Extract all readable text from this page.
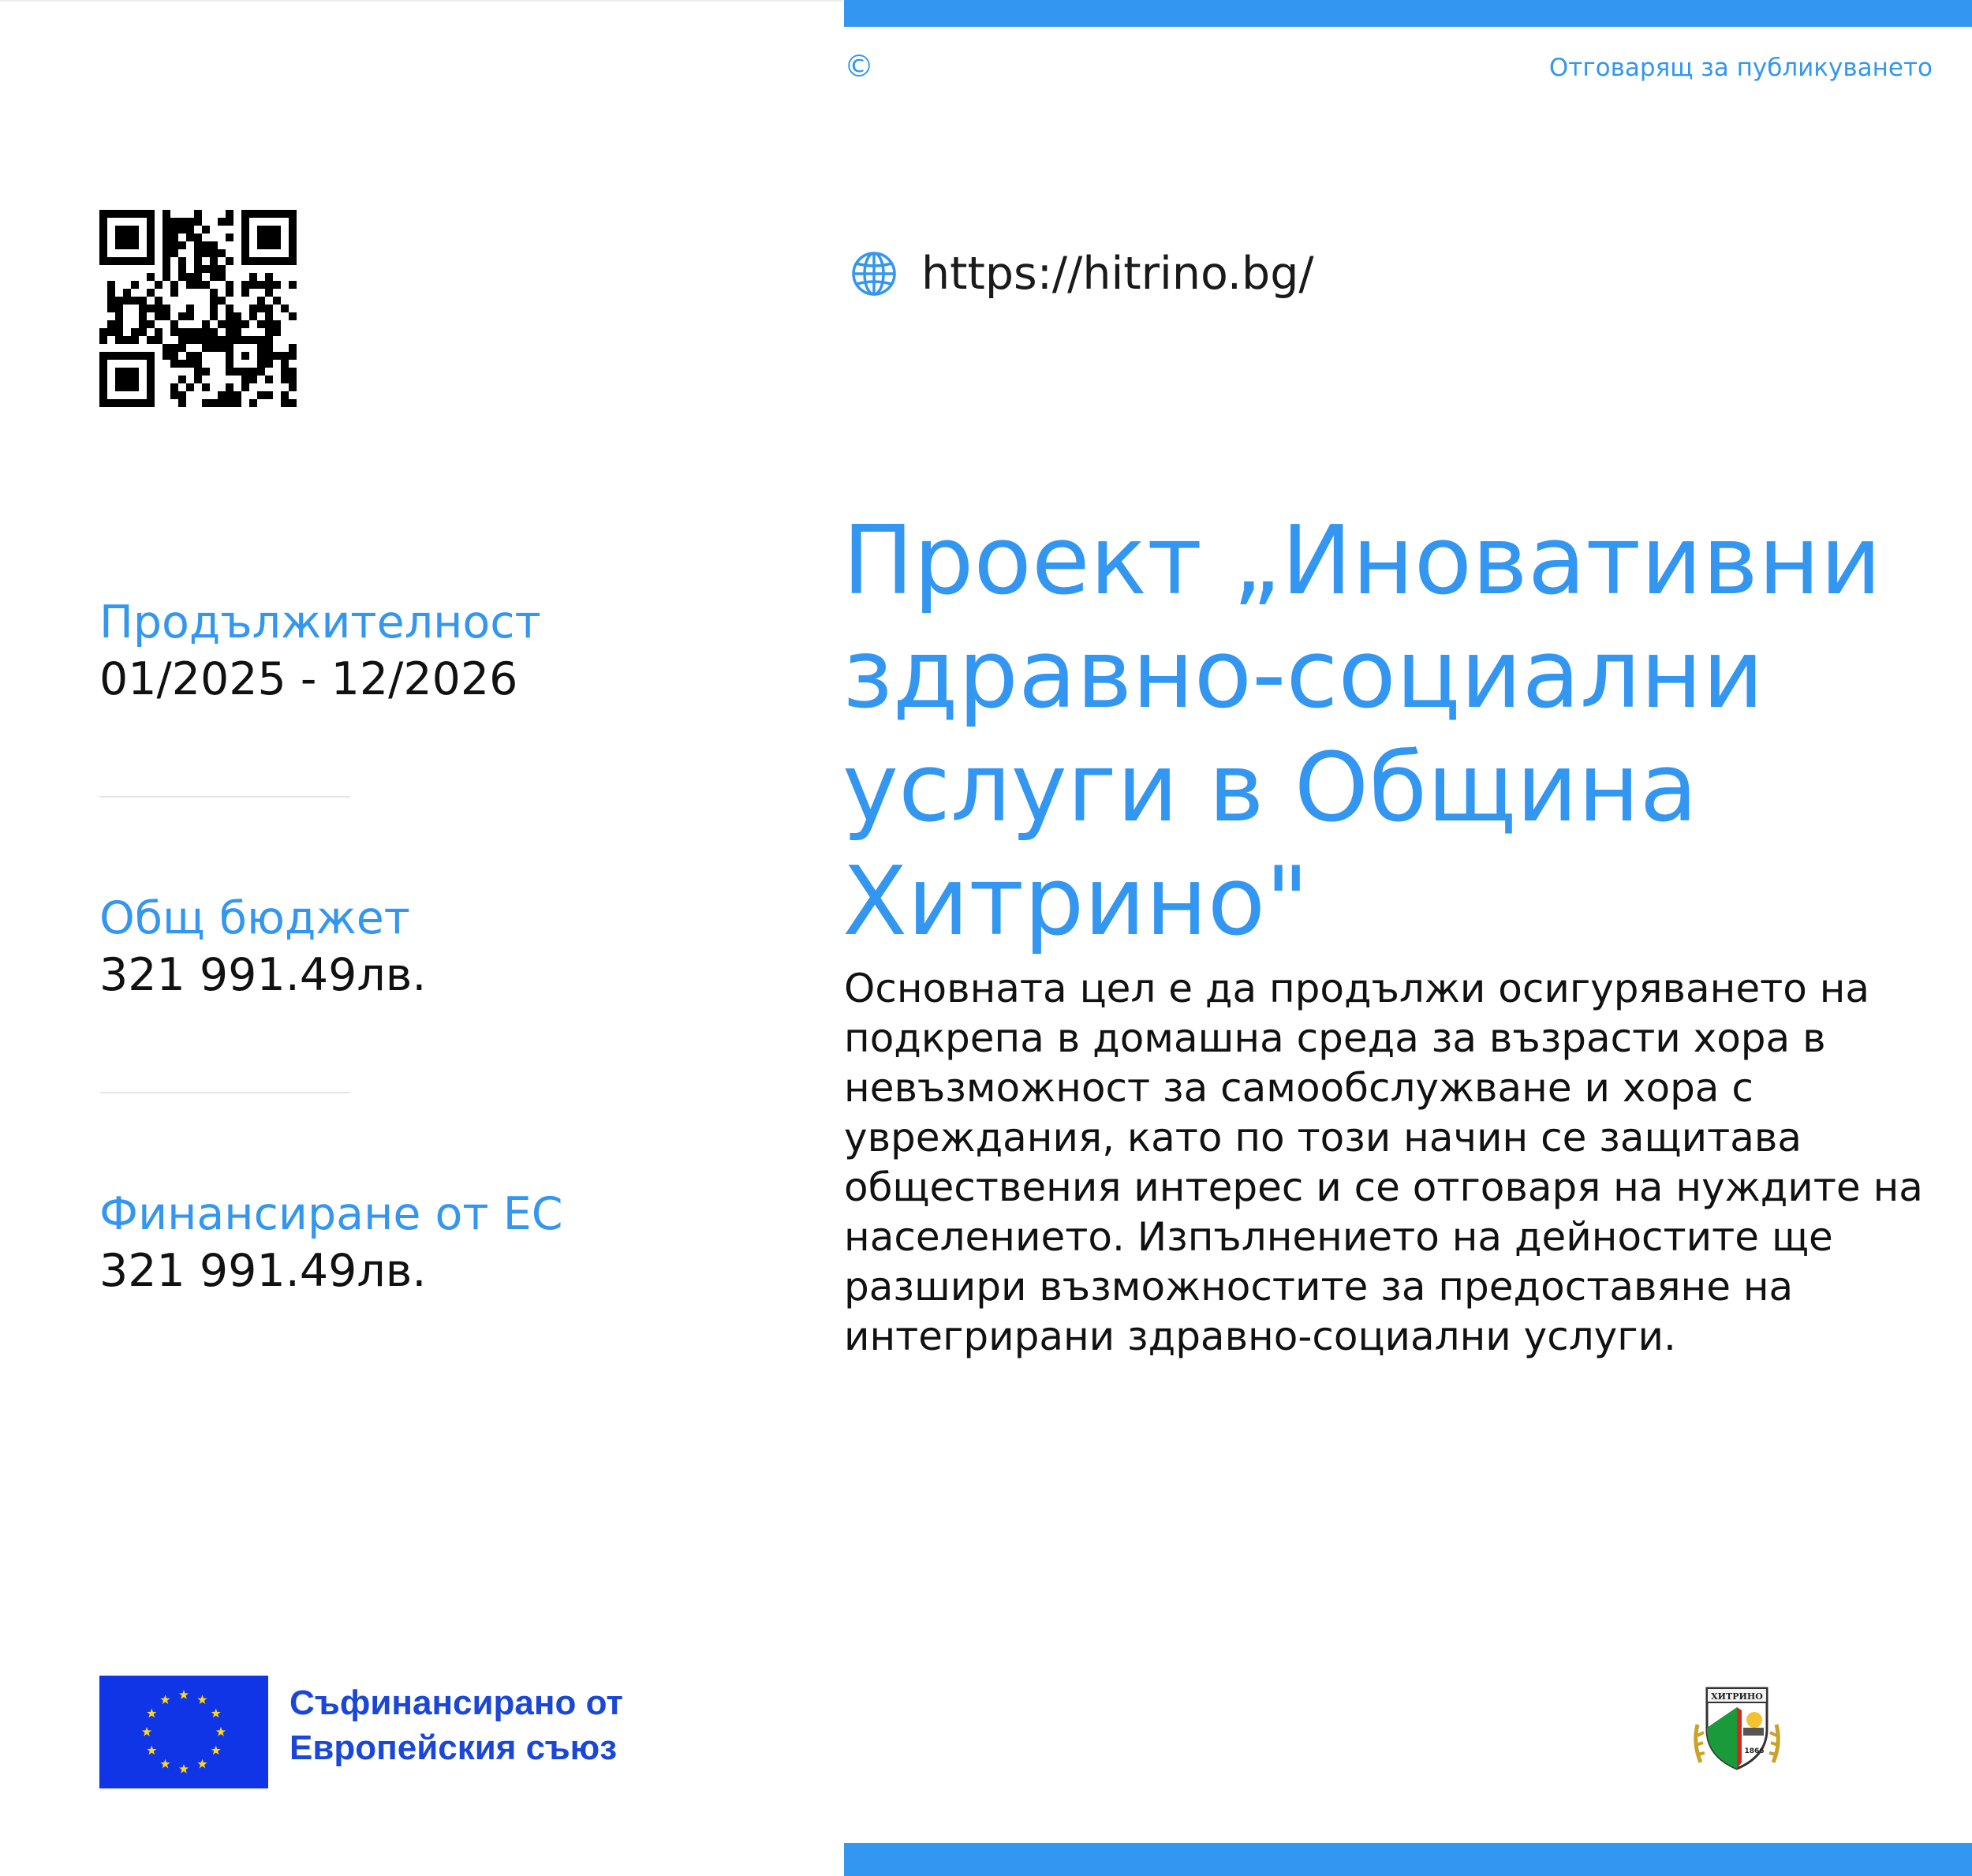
©	Отговарящ за публикуването
https://hitrino.bg/
Продължителност
01/2025 - 12/2026
Общ бюджет
321 991.49лв.
Финансиране от ЕС
321 991.49лв.
Проект „Иновативни здравно-социални услуги в Община Хитрино"

Основната цел е да продължи осигуряването на подкрепа в домашна среда за възрасти хора в невъзможност за самообслужване и хора с увреждания, като по този начин се защитава обществения интерес и се отговаря на нуждите на населението. Изпълнението на дейностите ще разшири възможностите за предоставяне на интегрирани здравно-социални услуги.

Съфинансирано от
Европейския съюз
ХИТРИНО
1866
